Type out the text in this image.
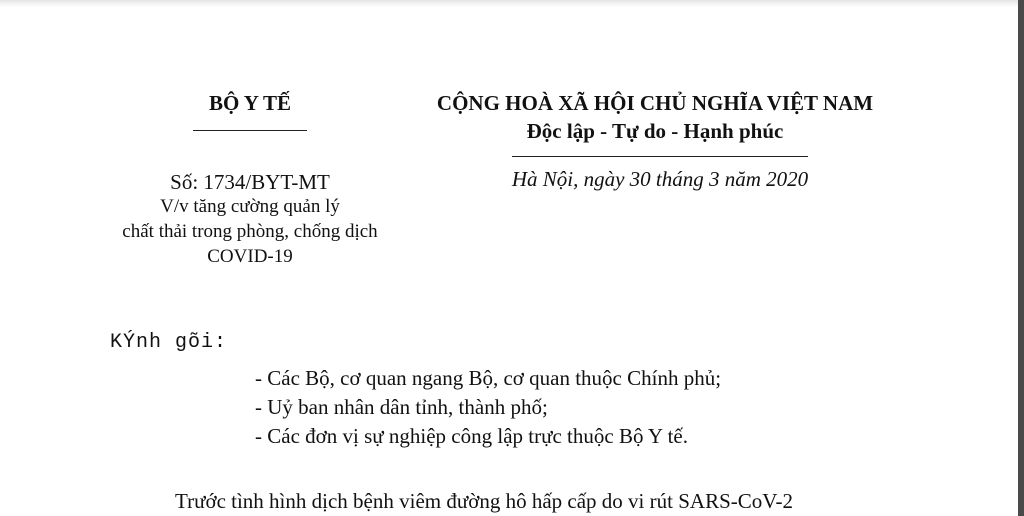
BỘ Y TẾ	CỘNG HOÀ XÃ HỘI CHỦ NGHĨA VIỆT NAM
Độc lập - Tự do - Hạnh phúc
Số: 1734/BYT-MT
V/v tăng cường quản lý
chất thải trong phòng, chống dịch
COVID-19
Hà Nội, ngày 30 tháng 3 năm 2020
KÝnh gõi:
- Các Bộ, cơ quan ngang Bộ, cơ quan thuộc Chính phủ;
- Uỷ ban nhân dân tỉnh, thành phố;
- Các đơn vị sự nghiệp công lập trực thuộc Bộ Y tế.
Trước tình hình dịch bệnh viêm đường hô hấp cấp do vi rút SARS-CoV-2
